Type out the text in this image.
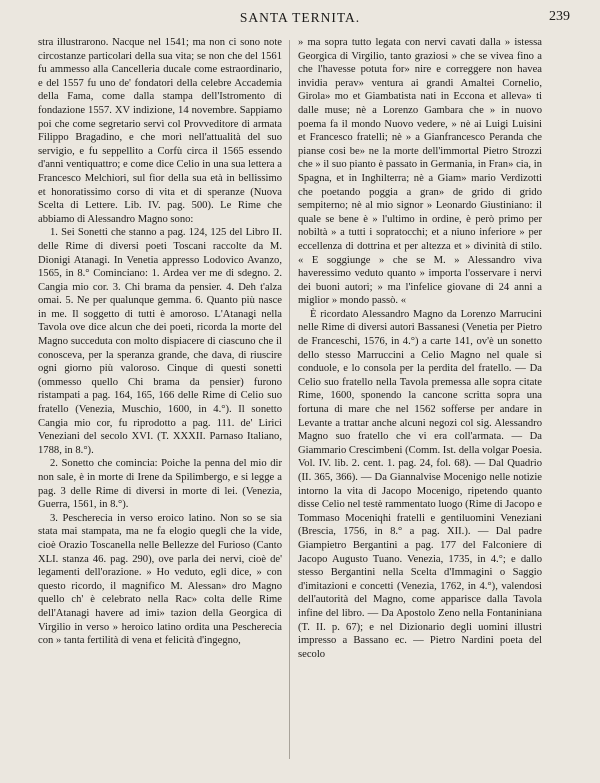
SANTA TERNITA.	239

stra illustrarono. Nacque nel 1541; ma non ci sono note circostanze particolari della sua vita; se non che del 1561 fu ammesso alla Cancelleria ducale come estraordinario, e del 1557 fu uno de' fondatori della celebre Accademia della Fama, come dalla stampa dell'Istromento di fondazione 1557. XV indizione, 14 novembre. Sappiamo poi che come segretario servì col Provveditore di armata Filippo Bragadino, e che morì nell'attualità del suo servigio, e fu seppellito a Corfù circa il 1565 essendo d'anni ventiquattro; e come dice Celio in una sua lettera a Francesco Melchiori, sul fior della sua età in bellissimo et honoratissimo corso di vita et di speranze (Nuova Scelta di Lettere. Lib. IV. pag. 500). Le Rime che abbiamo di Alessandro Magno sono:

1. Sei Sonetti che stanno a pag. 124, 125 del Libro II. delle Rime di diversi poeti Toscani raccolte da M. Dionigi Atanagi. In Venetia appresso Lodovico Avanzo, 1565, in 8.° Cominciano: 1. Ardea ver me di sdegno. 2. Cangia mio cor. 3. Chi brama da pensier. 4. Deh t'alza omai. 5. Ne per qualunque gemma. 6. Quanto più nasce in me. Il soggetto di tutti è amoroso. L'Atanagi nella Tavola ove dice alcun che dei poeti, ricorda la morte del Magno succeduta con molto dispiacere di ciascuno che il conosceva, per la speranza grande, che dava, di riuscire ogni giorno più valoroso. Cinque di questi sonetti (ommesso quello Chi brama da pensier) furono ristampati a pag. 164, 165, 166 delle Rime di Celio suo fratello (Venezia, Muschio, 1600, in 4.°). Il sonetto Cangia mio cor, fu riprodotto a pag. 111. de' Lirici Veneziani del secolo XVI. (T. XXXII. Parnaso Italiano, 1788, in 8.°).

2. Sonetto che comincia: Poiche la penna del mio dir non sale, è in morte di Irene da Spilimbergo, e si legge a pag. 3 delle Rime di diversi in morte di lei. (Venezia, Guerra, 1561, in 8.°).

3. Pescherecia in verso eroico latino. Non so se sia stata mai stampata, ma ne fa elogio quegli che la vide, cioè Orazio Toscanella nelle Bellezze del Furioso (Canto XLI. stanza 46. pag. 290), ove parla dei nervi, cioè de' legamenti dell'orazione. » Ho veduto, egli dice, » con questo ricordo, il magnifico M. Alessan» dro Magno quello ch' è celebrato nella Rac» colta delle Rime dell'Atanagi havere ad imi» tazion della Georgica di Virgilio in verso » heroico latino ordita una Pescherecia con » tanta fertilità di vena et felicità d'ingegno,

» ma sopra tutto legata con nervi cavati dalla » istessa Georgica di Virgilio, tanto graziosi » che se vivea fino a che l'havesse potuta for» nire e correggere non havea invidia perav» ventura ai grandi Amaltei Cornelio, Girola» mo et Giambatista nati in Eccona et alleva» ti dalle muse; nè a Lorenzo Gambara che » in nuovo poema fa il mondo Nuovo vedere, » nè ai Luigi Luisini et Francesco fratelli; nè » a Gianfrancesco Peranda che pianse cosi be» ne la morte dell'immortal Pietro Strozzi che » il suo pianto è passato in Germania, in Fran» cia, in Spagna, et in Inghilterra; nè a Giam» mario Verdizotti che poetando poggia a gran» de grido di grido sempiterno; nè al mio signor » Leonardo Giustiniano: il quale se bene è » l'ultimo in ordine, è però primo per nobiltà » a tutti i sopratocchi; et a niuno inferiore » per eccellenza di dottrina et per altezza et » divinità di stilo. « E soggiunge » che se M. » Alessandro viva haveressimo veduto quanto » importa l'osservare i nervi dei buoni autori; » ma l'infelice giovane di 24 anni a miglior » mondo passò. «

È ricordato Alessandro Magno da Lorenzo Marrucini nelle Rime di diversi autori Bassanesi (Venetia per Pietro de Franceschi, 1576, in 4.°) a carte 141, ov'è un sonetto dello stesso Marruccini a Celio Magno nel quale si conduole, e lo consola per la perdita del fratello. — Da Celio suo fratello nella Tavola premessa alle sopra citate Rime, 1600, sponendo la cancone scritta sopra una fortuna di mare che nel 1562 sofferse per andare in Levante a trattar anche alcuni negozi col sig. Alessandro Magno suo fratello che vi era coll'armata. — Da Giammario Crescimbeni (Comm. Ist. della volgar Poesia. Vol. IV. lib. 2. cent. 1. pag. 24, fol. 68). — Dal Quadrio (II. 365, 366). — Da Giannalvise Mocenigo nelle notizie intorno la vita di Jacopo Mocenigo, ripetendo quanto disse Celio nel testè rammentato luogo (Rime di Jacopo e Tommaso Moceniqhi fratelli e gentiluomini Veneziani (Brescia, 1756, in 8.° a pag. XII.). — Dal padre Giampietro Bergantini a pag. 177 del Falconiere di Jacopo Augusto Tuano. Venezia, 1735, in 4.°; e dallo stesso Bergantini nella Scelta d'Immagini o Saggio d'imitazioni e concetti (Venezia, 1762, in 4.°), valendosi dell'autorità del Magno, come apparisce dalla Tavola infine del libro. — Da Apostolo Zeno nella Fontaniniana (T. II. p. 67); e nel Dizionario degli uomini illustri impresso a Bassano ec. — Pietro Nardini poeta del secolo
